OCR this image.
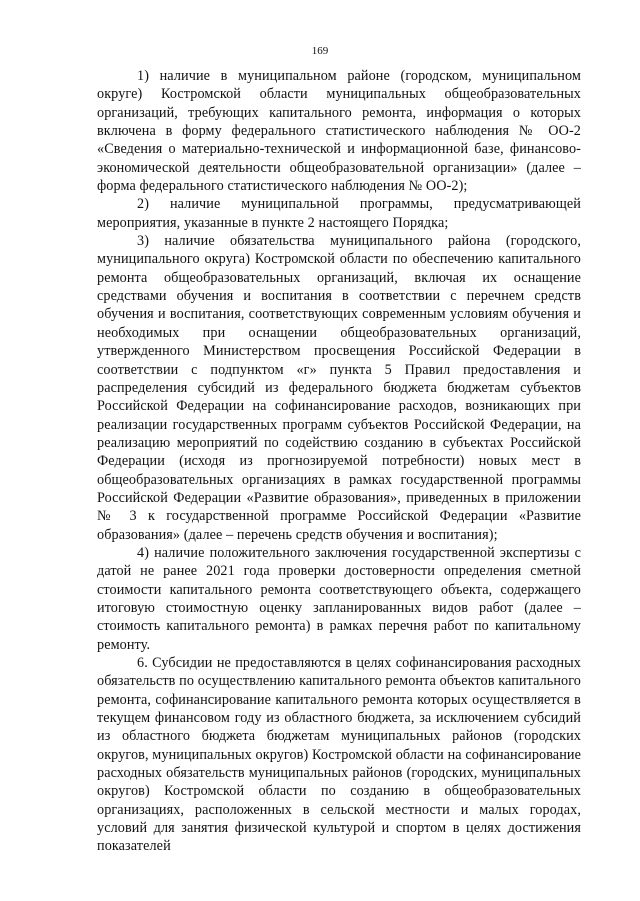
169

1) наличие в муниципальном районе (городском, муниципальном округе) Костромской области муниципальных общеобразовательных организаций, требующих капитального ремонта, информация о которых включена в форму федерального статистического наблюдения № ОО-2 «Сведения о материально-технической и информационной базе, финансово-экономической деятельности общеобразовательной организации» (далее – форма федерального статистического наблюдения № ОО-2);

2) наличие муниципальной программы, предусматривающей мероприятия, указанные в пункте 2 настоящего Порядка;

3) наличие обязательства муниципального района (городского, муниципального округа) Костромской области по обеспечению капитального ремонта общеобразовательных организаций, включая их оснащение средствами обучения и воспитания в соответствии с перечнем средств обучения и воспитания, соответствующих современным условиям обучения и необходимых при оснащении общеобразовательных организаций, утвержденного Министерством просвещения Российской Федерации в соответствии с подпунктом «г» пункта 5 Правил предоставления и распределения субсидий из федерального бюджета бюджетам субъектов Российской Федерации на софинансирование расходов, возникающих при реализации государственных программ субъектов Российской Федерации, на реализацию мероприятий по содействию созданию в субъектах Российской Федерации (исходя из прогнозируемой потребности) новых мест в общеобразовательных организациях в рамках государственной программы Российской Федерации «Развитие образования», приведенных в приложении № 3 к государственной программе Российской Федерации «Развитие образования» (далее – перечень средств обучения и воспитания);

4) наличие положительного заключения государственной экспертизы с датой не ранее 2021 года проверки достоверности определения сметной стоимости капитального ремонта соответствующего объекта, содержащего итоговую стоимостную оценку запланированных видов работ (далее – стоимость капитального ремонта) в рамках перечня работ по капитальному ремонту.

6. Субсидии не предоставляются в целях софинансирования расходных обязательств по осуществлению капитального ремонта объектов капитального ремонта, софинансирование капитального ремонта которых осуществляется в текущем финансовом году из областного бюджета, за исключением субсидий из областного бюджета бюджетам муниципальных районов (городских округов, муниципальных округов) Костромской области на софинансирование расходных обязательств муниципальных районов (городских, муниципальных округов) Костромской области по созданию в общеобразовательных организациях, расположенных в сельской местности и малых городах, условий для занятия физической культурой и спортом в целях достижения показателей
